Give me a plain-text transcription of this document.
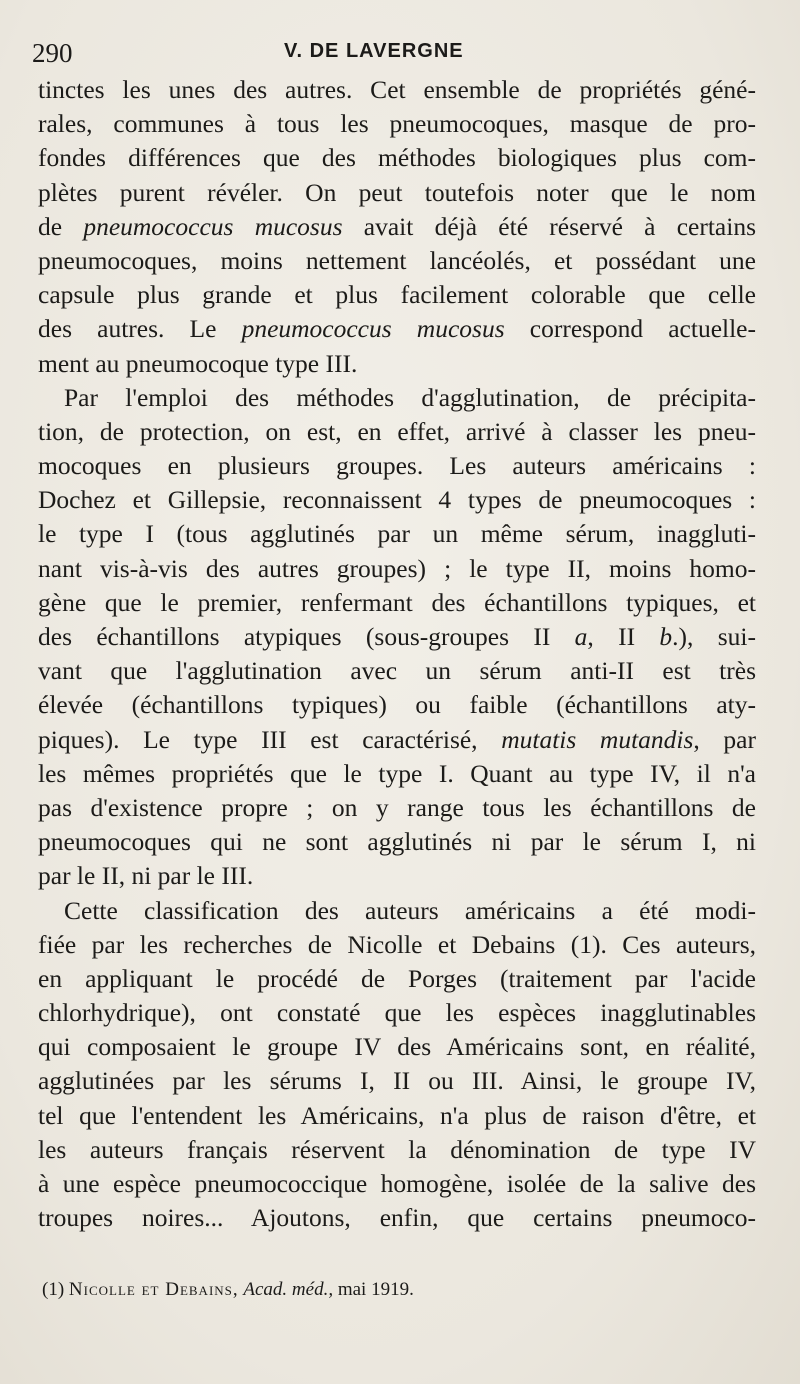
290	V. DE LAVERGNE
tinctes les unes des autres. Cet ensemble de propriétés géné-
rales, communes à tous les pneumocoques, masque de pro-
fondes différences que des méthodes biologiques plus com-
plètes purent révéler. On peut toutefois noter que le nom
de pneumococcus mucosus avait déjà été réservé à certains
pneumocoques, moins nettement lancéolés, et possédant une
capsule plus grande et plus facilement colorable que celle
des autres. Le pneumococcus mucosus correspond actuelle-
ment au pneumocoque type III.
Par l'emploi des méthodes d'agglutination, de précipita-
tion, de protection, on est, en effet, arrivé à classer les pneu-
mocoques en plusieurs groupes. Les auteurs américains :
Dochez et Gillepsie, reconnaissent 4 types de pneumocoques :
le type I (tous agglutinés par un même sérum, inaggluti-
nant vis-à-vis des autres groupes) ; le type II, moins homo-
gène que le premier, renfermant des échantillons typiques, et
des échantillons atypiques (sous-groupes II a, II b.), sui-
vant que l'agglutination avec un sérum anti-II est très
élevée (échantillons typiques) ou faible (échantillons aty-
piques). Le type III est caractérisé, mutatis mutandis, par
les mêmes propriétés que le type I. Quant au type IV, il n'a
pas d'existence propre ; on y range tous les échantillons de
pneumocoques qui ne sont agglutinés ni par le sérum I, ni
par le II, ni par le III.
Cette classification des auteurs américains a été modi-
fiée par les recherches de Nicolle et Debains (1). Ces auteurs,
en appliquant le procédé de Porges (traitement par l'acide
chlorhydrique), ont constaté que les espèces inagglutinables
qui composaient le groupe IV des Américains sont, en réalité,
agglutinées par les sérums I, II ou III. Ainsi, le groupe IV,
tel que l'entendent les Américains, n'a plus de raison d'être, et
les auteurs français réservent la dénomination de type IV
à une espèce pneumococcique homogène, isolée de la salive des
troupes noires... Ajoutons, enfin, que certains pneumoco-
(1) Nicolle et Debains, Acad. méd., mai 1919.
